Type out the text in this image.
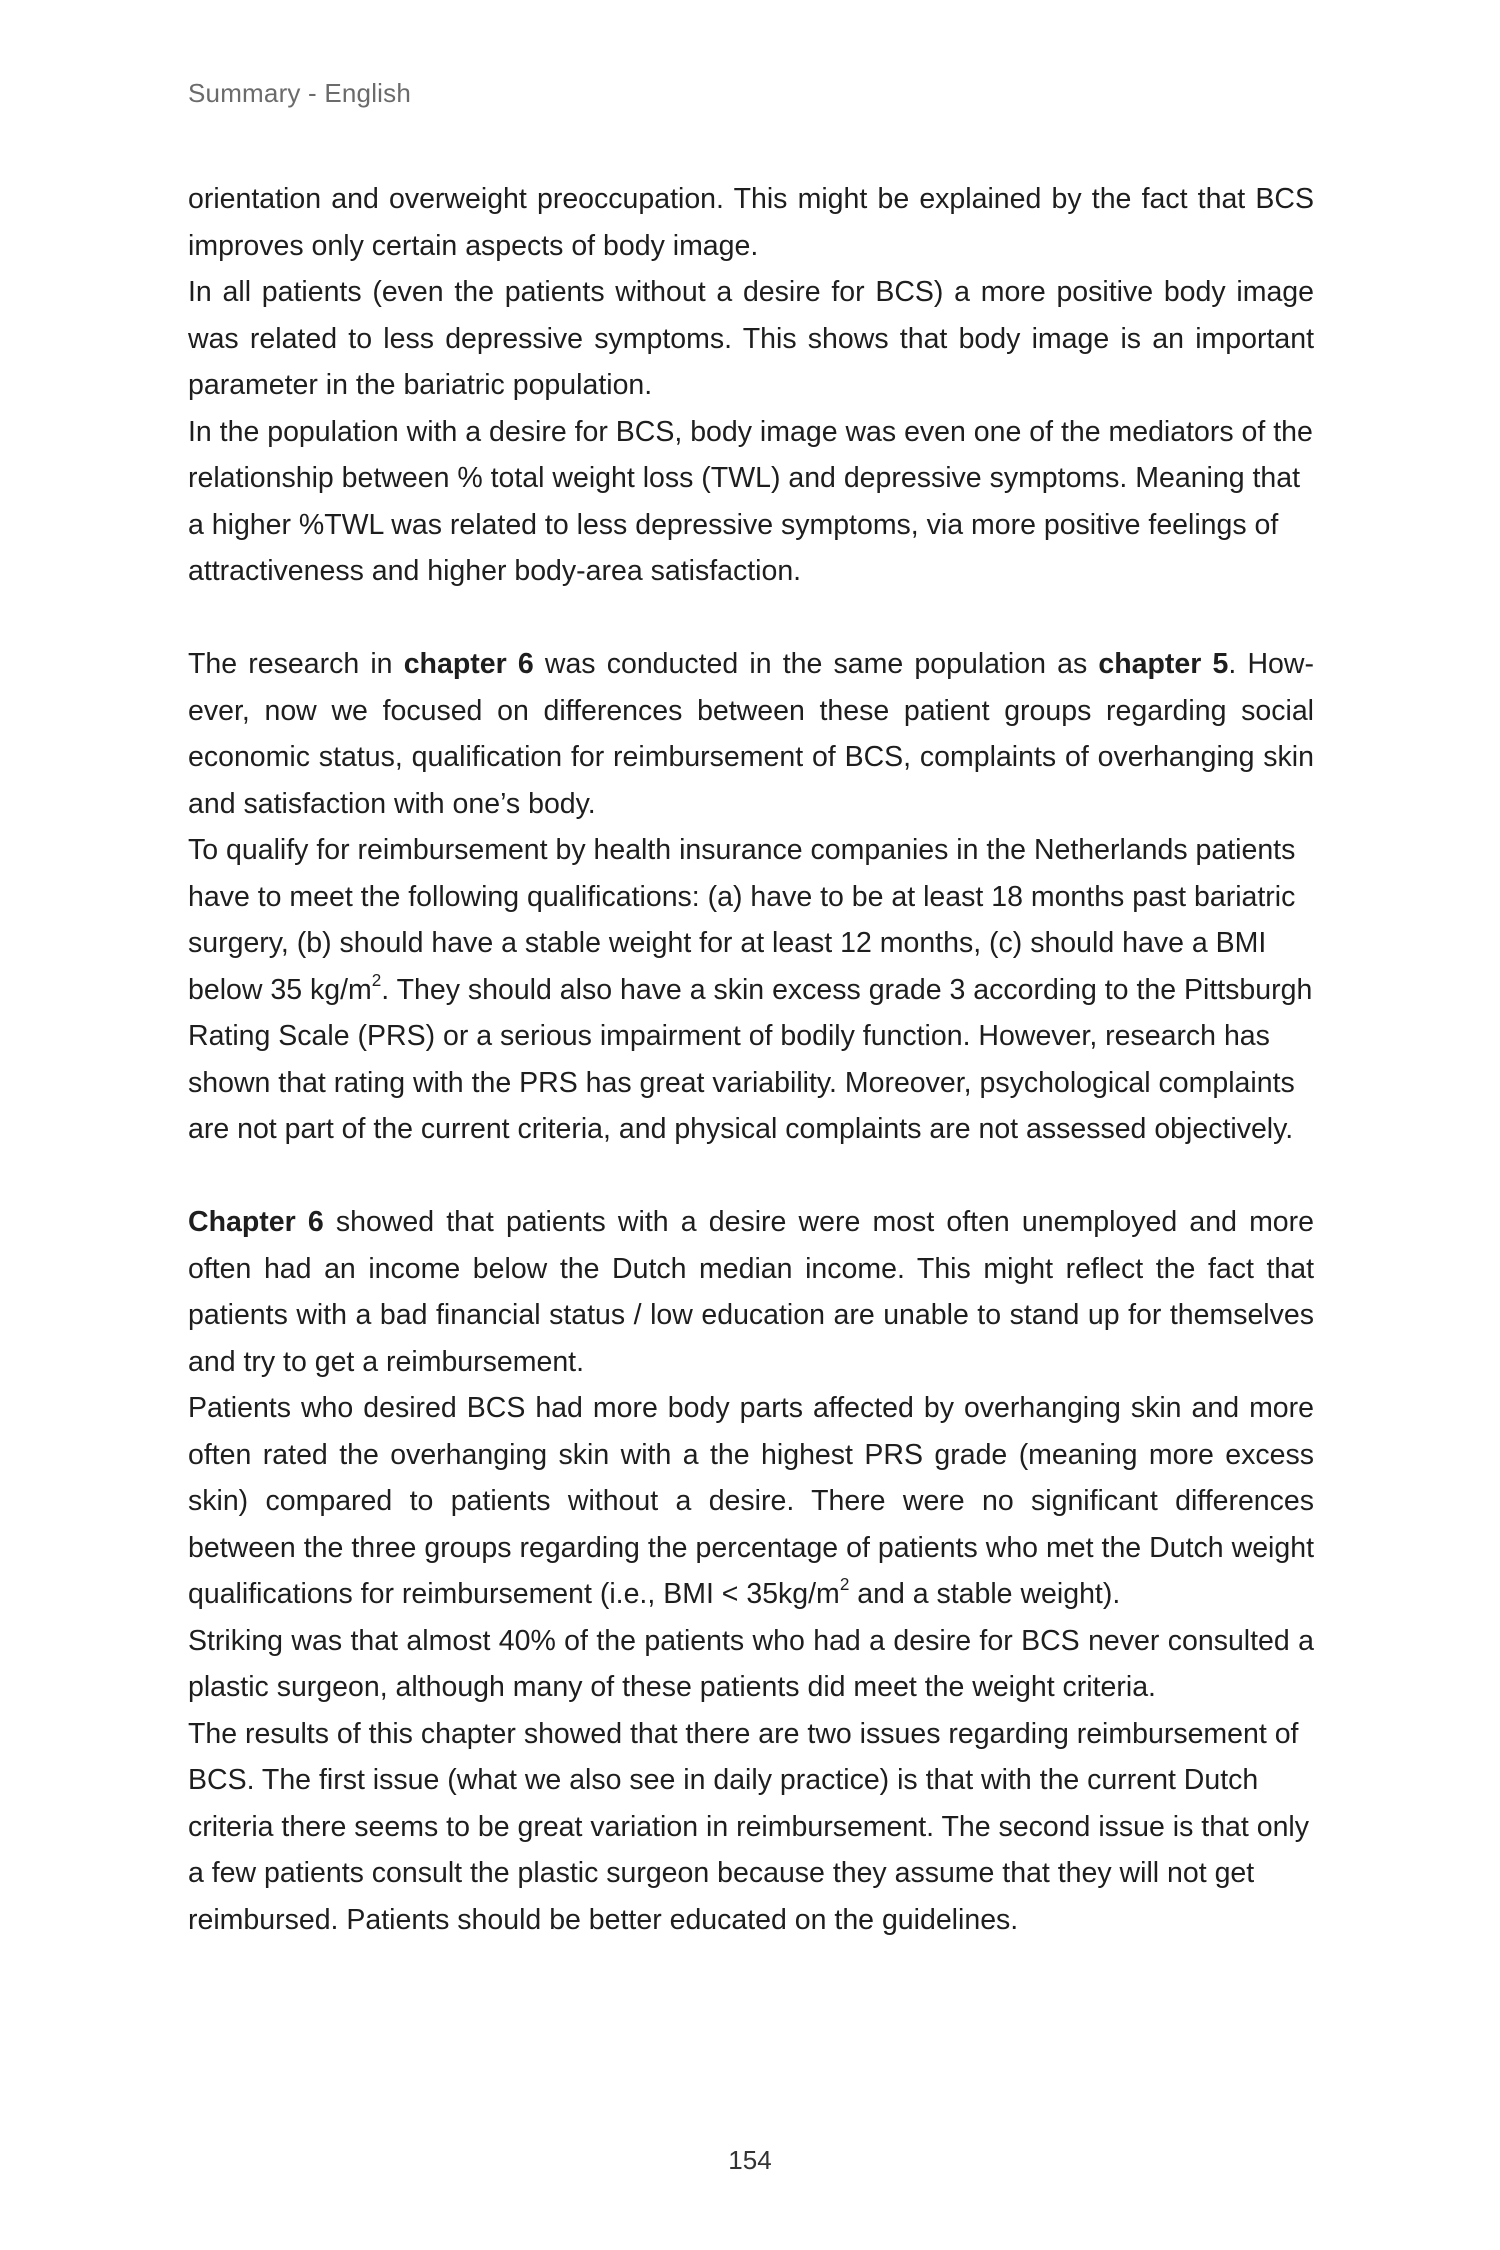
Summary - English

orientation and overweight preoccupation. This might be explained by the fact that BCS improves only certain aspects of body image.

In all patients (even the patients without a desire for BCS) a more positive body image was related to less depressive symptoms. This shows that body image is an important parameter in the bariatric population.

In the population with a desire for BCS, body image was even one of the mediators of the relationship between % total weight loss (TWL) and depressive symptoms. Meaning that a higher %TWL was related to less depressive symptoms, via more positive feelings of attractiveness and higher body-area satisfaction.

The research in chapter 6 was conducted in the same population as chapter 5. However, now we focused on differences between these patient groups regarding social economic status, qualification for reimbursement of BCS, complaints of overhanging skin and satisfaction with one’s body.

To qualify for reimbursement by health insurance companies in the Netherlands patients have to meet the following qualifications: (a) have to be at least 18 months past bariatric surgery, (b) should have a stable weight for at least 12 months, (c) should have a BMI below 35 $kg/m^2$. They should also have a skin excess grade 3 according to the Pittsburgh Rating Scale (PRS) or a serious impairment of bodily function. However, research has shown that rating with the PRS has great variability. Moreover, psychological complaints are not part of the current criteria, and physical complaints are not assessed objectively.

Chapter 6 showed that patients with a desire were most often unemployed and more often had an income below the Dutch median income. This might reflect the fact that patients with a bad financial status / low education are unable to stand up for themselves and try to get a reimbursement.

Patients who desired BCS had more body parts affected by overhanging skin and more often rated the overhanging skin with a the highest PRS grade (meaning more excess skin) compared to patients without a desire. There were no significant differences between the three groups regarding the percentage of patients who met the Dutch weight qualifications for reimbursement (i.e., BMI < $35kg/m^2$ and a stable weight).

Striking was that almost 40% of the patients who had a desire for BCS never consulted a plastic surgeon, although many of these patients did meet the weight criteria.

The results of this chapter showed that there are two issues regarding reimbursement of BCS. The first issue (what we also see in daily practice) is that with the current Dutch criteria there seems to be great variation in reimbursement. The second issue is that only a few patients consult the plastic surgeon because they assume that they will not get reimbursed. Patients should be better educated on the guidelines.

154
